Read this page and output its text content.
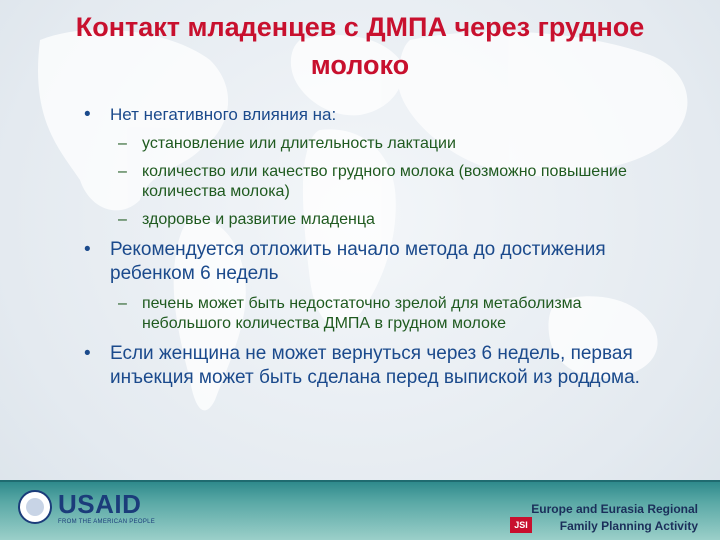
Контакт младенцев с ДМПА через грудное молоко
• Нет негативного влияния на:
– установление или длительность лактации
– количество или качество грудного молока (возможно повышение количества молока)
– здоровье и развитие младенца
• Рекомендуется отложить начало метода до достижения ребенком 6 недель
– печень может быть недостаточно зрелой для метаболизма небольшого количества ДМПА в грудном молоке
• Если женщина не может вернуться через 6 недель, первая инъекция может быть сделана перед выпиской из роддома.
USAID
FROM THE AMERICAN PEOPLE
Europe and Eurasia Regional
JSI	Family Planning Activity
